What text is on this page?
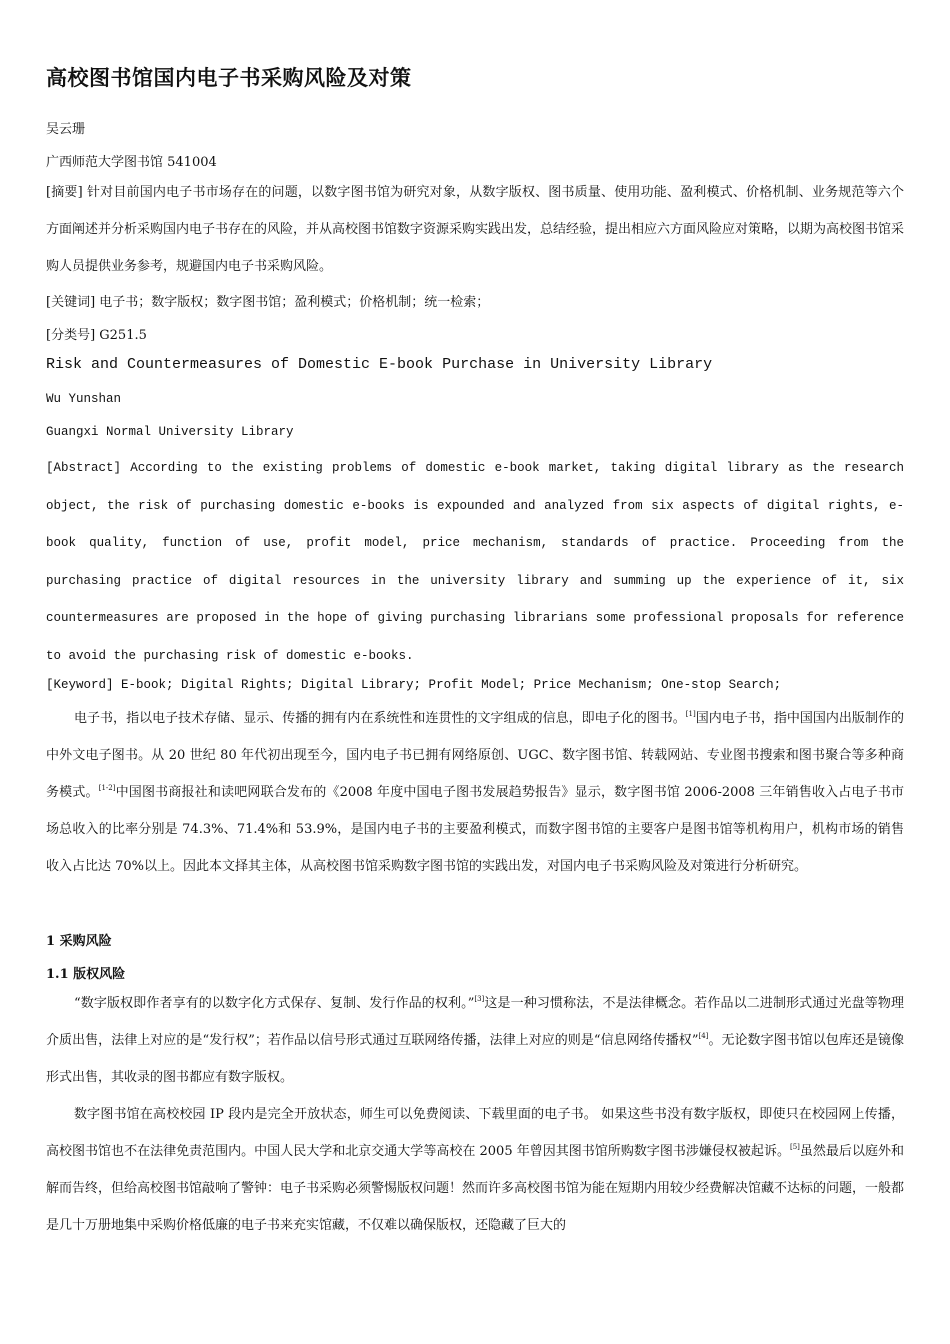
高校图书馆国内电子书采购风险及对策

吴云珊

广西师范大学图书馆 541004

[摘要] 针对目前国内电子书市场存在的问题，以数字图书馆为研究对象，从数字版权、图书质量、使用功能、盈利模式、价格机制、业务规范等六个方面阐述并分析采购国内电子书存在的风险，并从高校图书馆数字资源采购实践出发，总结经验，提出相应六方面风险应对策略，以期为高校图书馆采购人员提供业务参考，规避国内电子书采购风险。

[关键词] 电子书；数字版权；数字图书馆；盈利模式；价格机制；统一检索；

[分类号] G251.5

Risk and Countermeasures of Domestic E-book Purchase in University Library

Wu Yunshan

Guangxi Normal University Library

[Abstract] According to the existing problems of domestic e-book market, taking digital library as the research object, the risk of purchasing domestic e-books is expounded and analyzed from six aspects of digital rights, e-book quality, function of use, profit model, price mechanism, standards of practice. Proceeding from the purchasing practice of digital resources in the university library and summing up the experience of it, six countermeasures are proposed in the hope of giving purchasing librarians some professional proposals for reference to avoid the purchasing risk of domestic e-books.

[Keyword] E-book; Digital Rights; Digital Library; Profit Model; Price Mechanism; One-stop Search;

电子书，指以电子技术存储、显示、传播的拥有内在系统性和连贯性的文字组成的信息，即电子化的图书。[1]国内电子书，指中国国内出版制作的中外文电子图书。从 20 世纪 80 年代初出现至今，国内电子书已拥有网络原创、UGC、数字图书馆、转载网站、专业图书搜索和图书聚合等多种商务模式。[1-2]中国图书商报社和读吧网联合发布的《2008 年度中国电子图书发展趋势报告》显示，数字图书馆 2006-2008 三年销售收入占电子书市场总收入的比率分别是 74.3%、71.4%和 53.9%，是国内电子书的主要盈利模式，而数字图书馆的主要客户是图书馆等机构用户，机构市场的销售收入占比达 70%以上。因此本文择其主体，从高校图书馆采购数字图书馆的实践出发，对国内电子书采购风险及对策进行分析研究。

1 采购风险

1.1 版权风险

“数字版权即作者享有的以数字化方式保存、复制、发行作品的权利。”[3]这是一种习惯称法，不是法律概念。若作品以二进制形式通过光盘等物理介质出售，法律上对应的是“发行权”；若作品以信号形式通过互联网络传播，法律上对应的则是“信息网络传播权”[4]。无论数字图书馆以包库还是镜像形式出售，其收录的图书都应有数字版权。

数字图书馆在高校校园 IP 段内是完全开放状态，师生可以免费阅读、下载里面的电子书。 如果这些书没有数字版权，即使只在校园网上传播，高校图书馆也不在法律免责范围内。中国人民大学和北京交通大学等高校在 2005 年曾因其图书馆所购数字图书涉嫌侵权被起诉。[5]虽然最后以庭外和解而告终，但给高校图书馆敲响了警钟：电子书采购必须警惕版权问题！然而许多高校图书馆为能在短期内用较少经费解决馆藏不达标的问题，一般都是几十万册地集中采购价格低廉的电子书来充实馆藏，不仅难以确保版权，还隐藏了巨大的
